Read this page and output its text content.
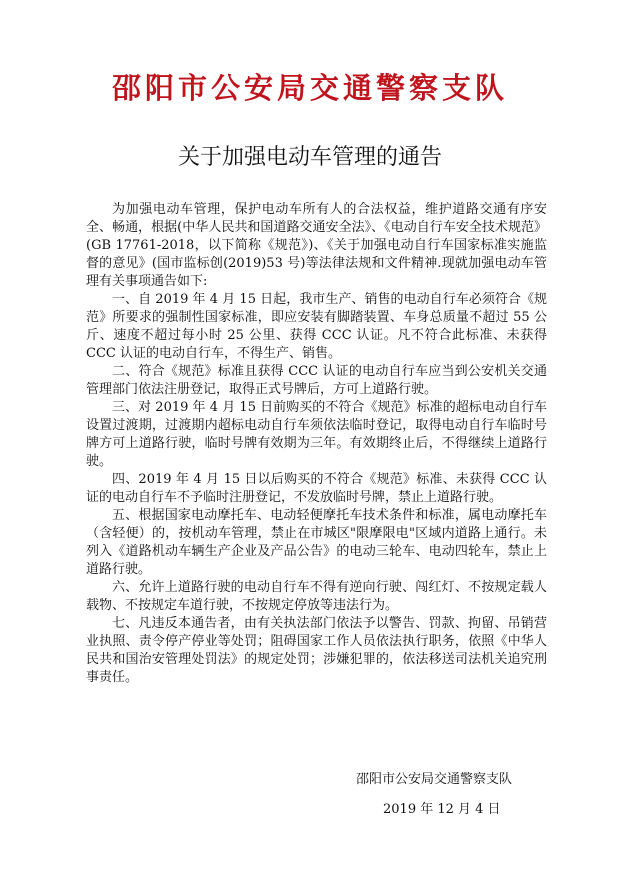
邵阳市公安局交通警察支队
关于加强电动车管理的通告

为加强电动车管理，保护电动车所有人的合法权益，维护道路交通有序安全、畅通，根据(中华人民共和国道路交通安全法》、《电动自行车安全技术规范》(GB 17761-2018，以下简称《规范》)、《关于加强电动自行车国家标准实施监督的意见》(国市监标创(2019)53 号)等法律法规和文件精神.现就加强电动车管理有关事项通告如下:

一、自 2019 年 4 月 15 日起，我市生产、销售的电动自行车必须符合《规范》所要求的强制性国家标准，即应安装有脚踏装置、车身总质量不超过 55 公斤、速度不超过每小时 25 公里、获得 CCC 认证。凡不符合此标准、未获得 CCC 认证的电动自行车，不得生产、销售。

二、符合《规范》标准且获得 CCC 认证的电动自行车应当到公安机关交通管理部门依法注册登记，取得正式号牌后，方可上道路行驶。

三、对 2019 年 4 月 15 日前购买的不符合《规范》标准的超标电动自行车设置过渡期，过渡期内超标电动自行车须依法临时登记，取得电动自行车临时号牌方可上道路行驶，临时号牌有效期为三年。有效期终止后，不得继续上道路行驶。

四、2019 年 4 月 15 日以后购买的不符合《规范》标准、未获得 CCC 认证的电动自行车不予临时注册登记，不发放临时号牌，禁止上道路行驶。

五、根据国家电动摩托车、电动轻便摩托车技术条件和标准，属电动摩托车（含轻便）的，按机动车管理，禁止在市城区"限摩限电"区域内道路上通行。未列入《道路机动车辆生产企业及产品公告》的电动三轮车、电动四轮车，禁止上道路行驶。

六、允许上道路行驶的电动自行车不得有逆向行驶、闯红灯、不按规定载人载物、不按规定车道行驶，不按规定停放等违法行为。

七、凡违反本通告者，由有关执法部门依法予以警告、罚款、拘留、吊销营业执照、责令停产停业等处罚；阻碍国家工作人员依法执行职务，依照《中华人民共和国治安管理处罚法》的规定处罚；涉嫌犯罪的，依法移送司法机关追究刑事责任。

邵阳市公安局交通警察支队
2019 年 12 月 4 日
